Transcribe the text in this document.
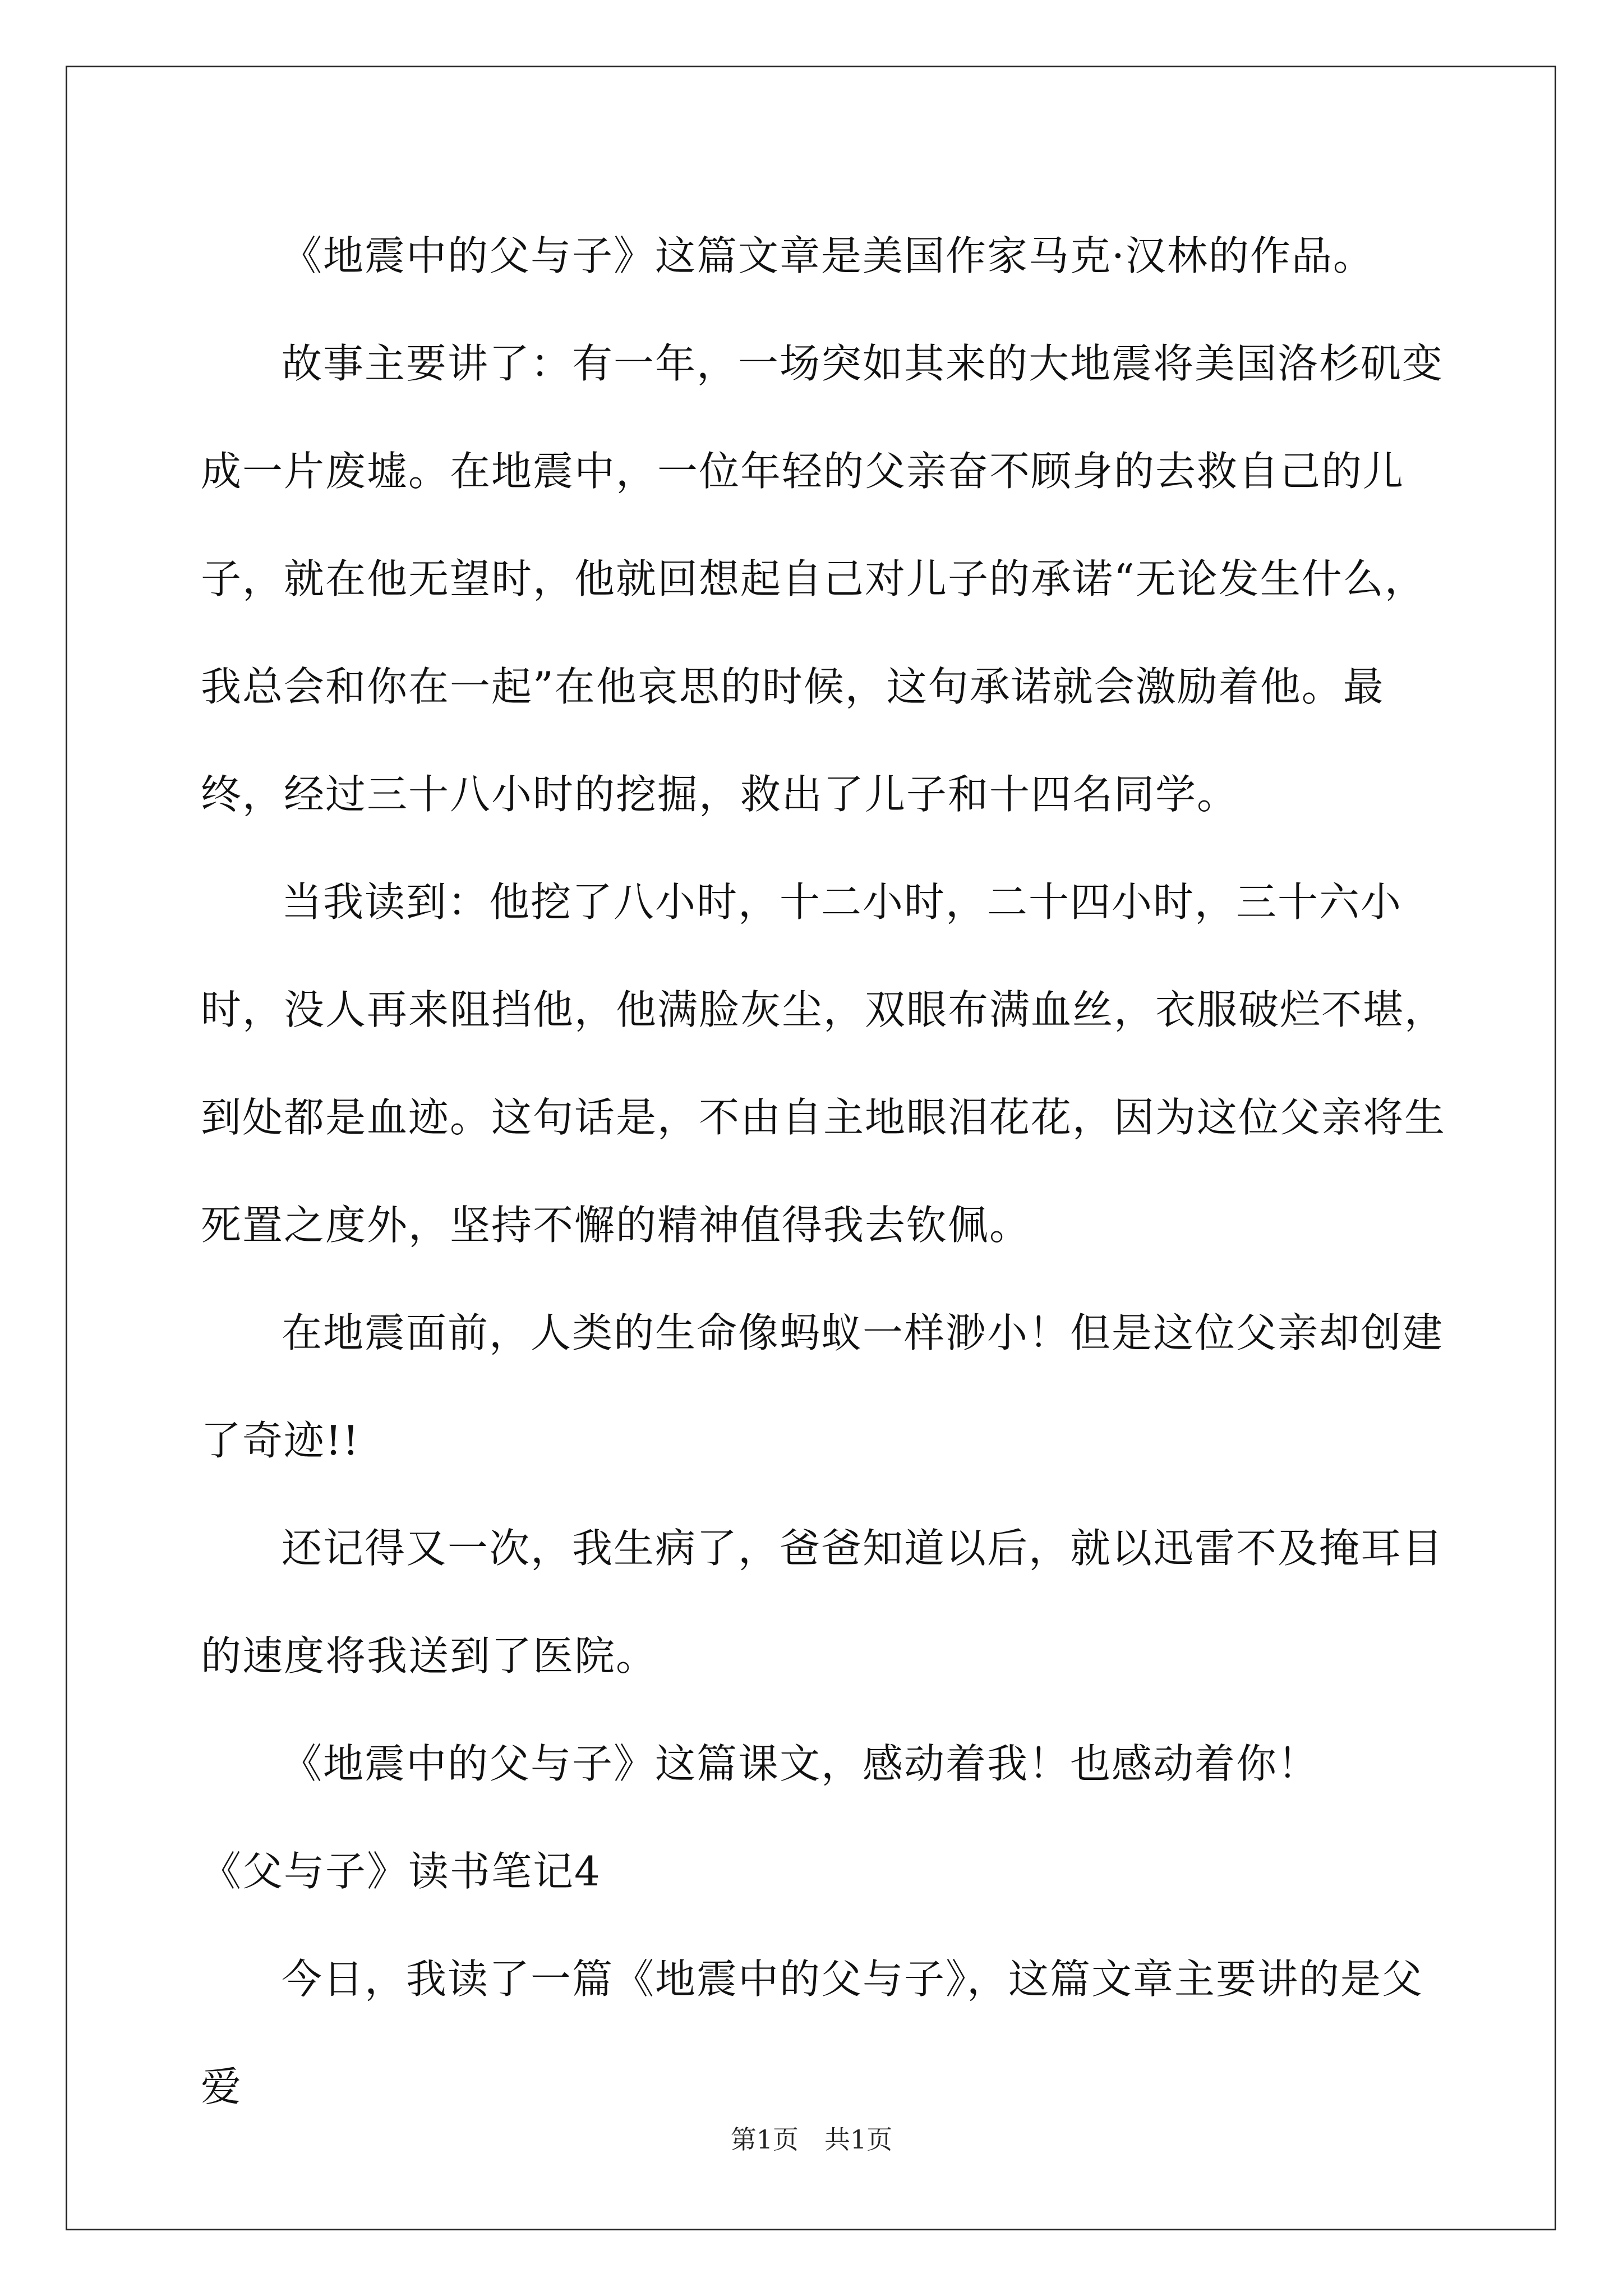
《地震中的父与子》这篇文章是美国作家马克·汉林的作品。

故事主要讲了：有一年，一场突如其来的大地震将美国洛杉矶变成一片废墟。在地震中，一位年轻的父亲奋不顾身的去救自己的儿子，就在他无望时，他就回想起自己对儿子的承诺“无论发生什么，我总会和你在一起”在他哀思的时候，这句承诺就会激励着他。最终，经过三十八小时的挖掘，救出了儿子和十四名同学。

当我读到：他挖了八小时，十二小时，二十四小时，三十六小时，没人再来阻挡他，他满脸灰尘，双眼布满血丝，衣服破烂不堪，到处都是血迹。这句话是，不由自主地眼泪花花，因为这位父亲将生死置之度外，坚持不懈的精神值得我去钦佩。

在地震面前，人类的生命像蚂蚁一样渺小！但是这位父亲却创建了奇迹!!

还记得又一次，我生病了，爸爸知道以后，就以迅雷不及掩耳目的速度将我送到了医院。

《地震中的父与子》这篇课文，感动着我！也感动着你！

《父与子》读书笔记4

今日，我读了一篇《地震中的父与子》，这篇文章主要讲的是父爱

第1页　共1页
